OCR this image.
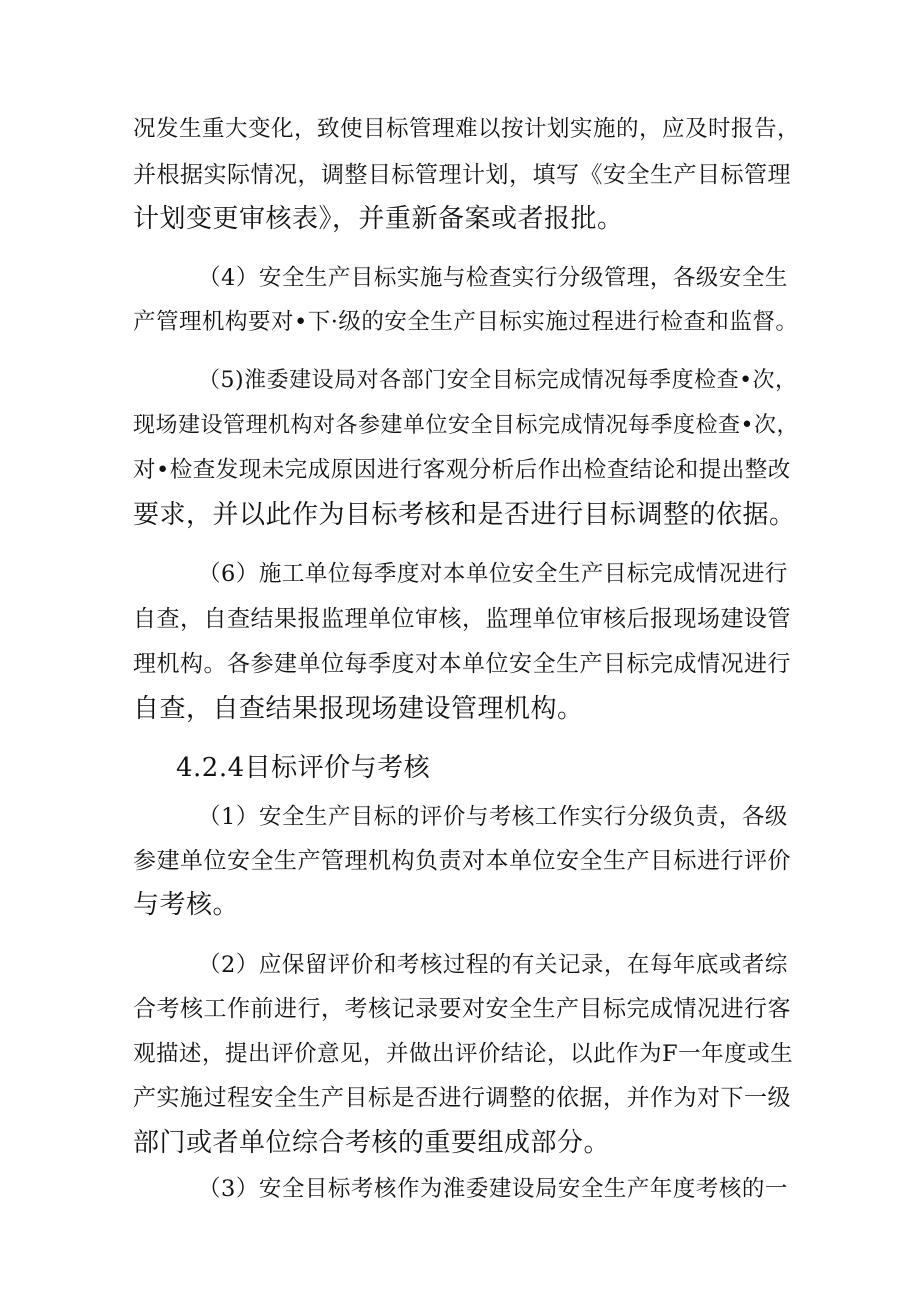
况发生重大变化，致使目标管理难以按计划实施的，应及时报告，
并根据实际情况，调整目标管理计划，填写《安全生产目标管理
计划变更审核表》，并重新备案或者报批。
（4）安全生产目标实施与检查实行分级管理，各级安全生
产管理机构要对•下·级的安全生产目标实施过程进行检查和监督。
（5)淮委建设局对各部门安全目标完成情况每季度检查•次，
现场建设管理机构对各参建单位安全目标完成情况每季度检查•次，
对•检查发现未完成原因进行客观分析后作出检查结论和提出整改
要求，并以此作为目标考核和是否进行目标调整的依据。
（6）施工单位每季度对本单位安全生产目标完成情况进行
自查，自查结果报监理单位审核，监理单位审核后报现场建设管
理机构。各参建单位每季度对本单位安全生产目标完成情况进行
自查，自查结果报现场建设管理机构。
4.2.4目标评价与考核
（1）安全生产目标的评价与考核工作实行分级负责，各级
参建单位安全生产管理机构负责对本单位安全生产目标进行评价
与考核。
（2）应保留评价和考核过程的有关记录，在每年底或者综
合考核工作前进行，考核记录要对安全生产目标完成情况进行客
观描述，提出评价意见，并做出评价结论，以此作为F一年度或生
产实施过程安全生产目标是否进行调整的依据，并作为对下一级
部门或者单位综合考核的重要组成部分。
（3）安全目标考核作为淮委建设局安全生产年度考核的一
